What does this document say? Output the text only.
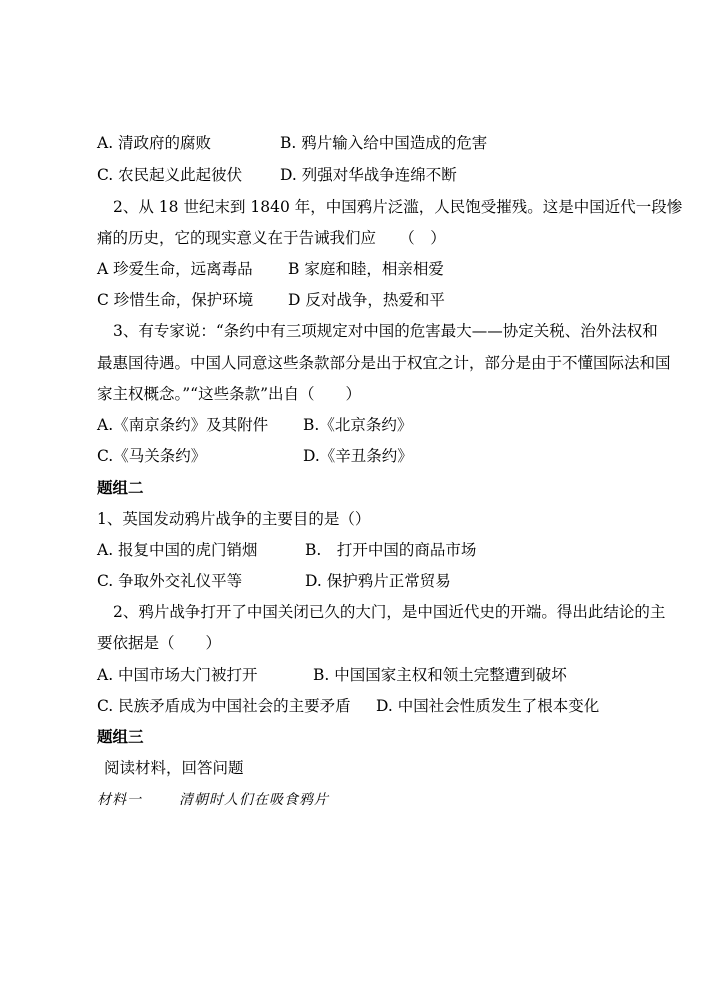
A. 清政府的腐败	B. 鸦片输入给中国造成的危害
C. 农民起义此起彼伏 D. 列强对华战争连绵不断
2、从 18 世纪末到 1840 年，中国鸦片泛滥，人民饱受摧残。这是中国近代一段惨
痛的历史，它的现实意义在于告诫我们应　　（　）
A 珍爱生命，远离毒品 B 家庭和睦，相亲相爱
C 珍惜生命，保护环境 D 反对战争，热爱和平
3、有专家说：“条约中有三项规定对中国的危害最大——协定关税、治外法权和
最惠国待遇。中国人同意这些条款部分是出于权宜之计，部分是由于不懂国际法和国
家主权概念。”“这些条款”出自（　　）
A.《南京条约》及其附件 B.《北京条约》
C.《马关条约》	D.《辛丑条约》
题组二
1、英国发动鸦片战争的主要目的是（）
A. 报复中国的虎门销烟	B.　打开中国的商品市场
C. 争取外交礼仪平等	D. 保护鸦片正常贸易
2、鸦片战争打开了中国关闭已久的大门，是中国近代史的开端。得出此结论的主
要依据是（　　）
A. 中国市场大门被打开	B. 中国国家主权和领土完整遭到破坏
C. 民族矛盾成为中国社会的主要矛盾 D. 中国社会性质发生了根本变化
题组三
阅读材料，回答问题
材料一	清朝时人们在吸食鸦片
